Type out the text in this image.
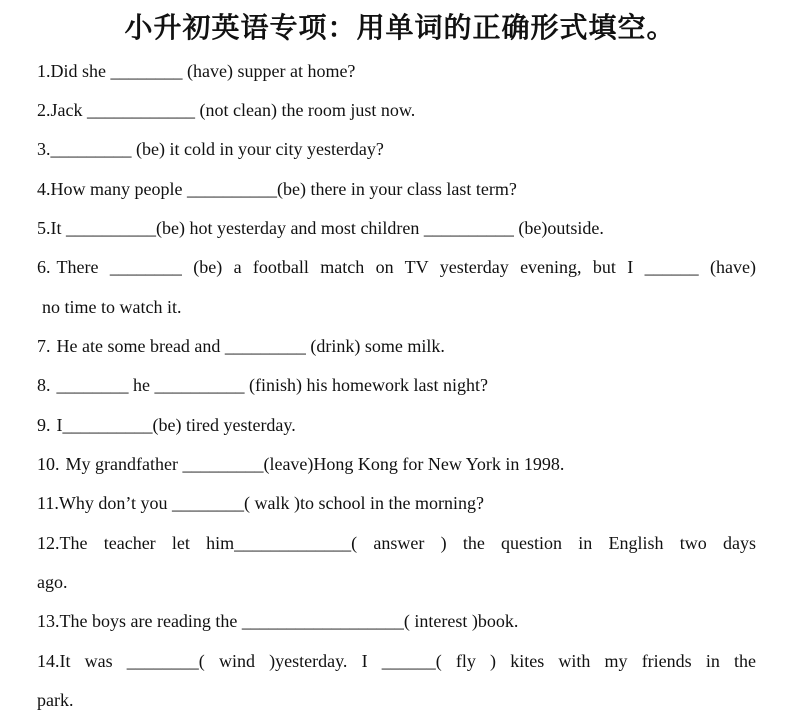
小升初英语专项：用单词的正确形式填空。
1.Did she ________ (have) supper at home?
2.Jack ____________ (not clean) the room just now.
3._________ (be) it cold in your city yesterday?
4.How many people __________(be) there in your class last term?
5.It __________(be) hot yesterday and most children __________ (be)outside.
6. There ________ (be) a football match on TV yesterday evening, but I ______ (have)
no time to watch it.
7. He ate some bread and _________ (drink) some milk.
8. ________ he __________ (finish) his homework last night?
9. I__________(be) tired yesterday.
10. My grandfather _________(leave)Hong Kong for New York in 1998.
11.Why don’t you ________( walk )to school in the morning?
12.The teacher let him_____________( answer ) the question in English two days
ago.
13.The boys are reading the __________________( interest )book.
14.It was ________( wind )yesterday. I ______( fly ) kites with my friends in the
park.
